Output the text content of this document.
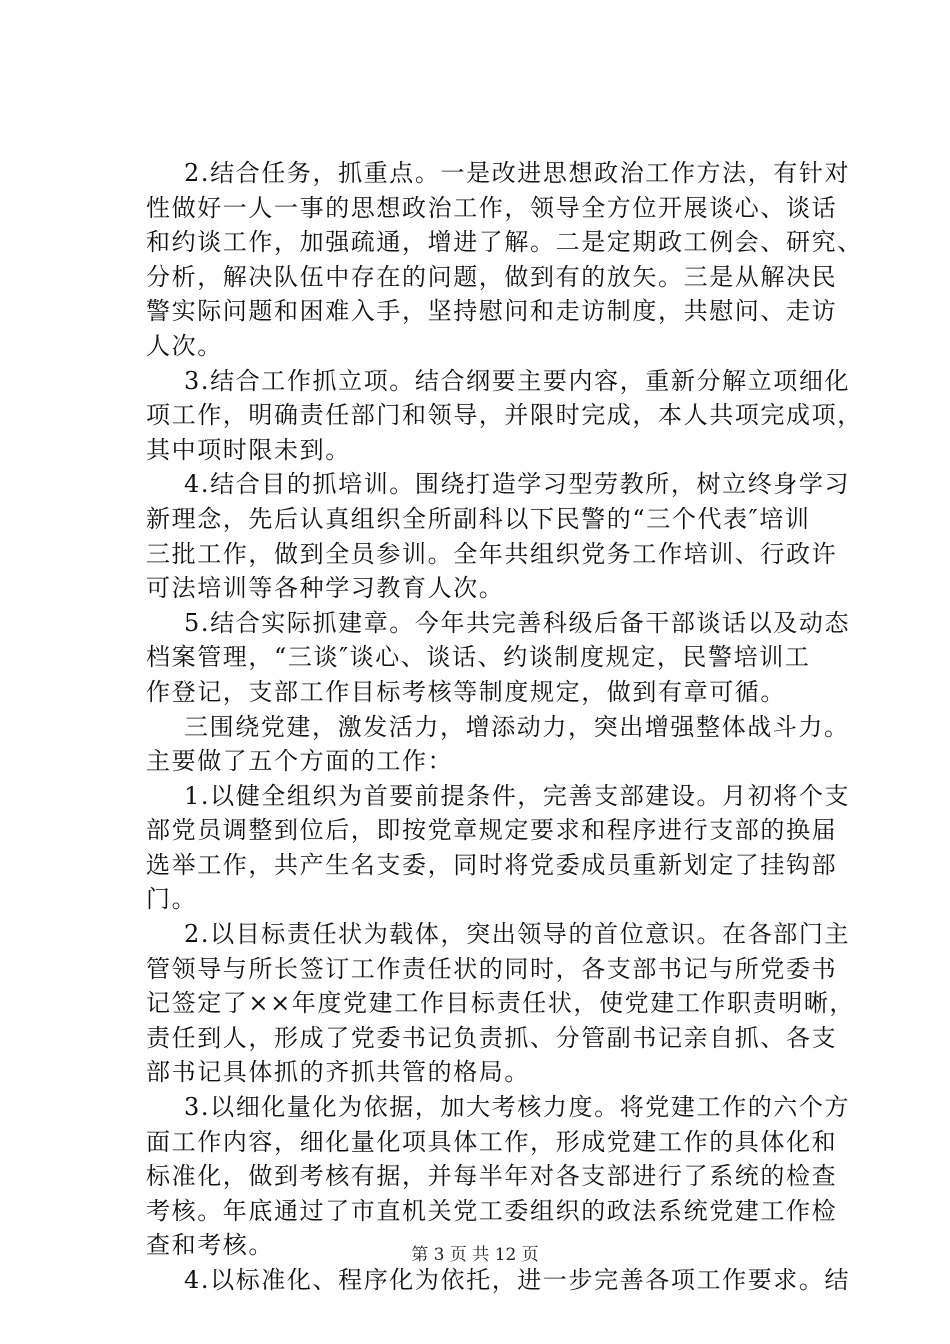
2.结合任务，抓重点。一是改进思想政治工作方法，有针对
性做好一人一事的思想政治工作，领导全方位开展谈心、谈话
和约谈工作，加强疏通，增进了解。二是定期政工例会、研究、
分析，解决队伍中存在的问题，做到有的放矢。三是从解决民
警实际问题和困难入手，坚持慰问和走访制度，共慰问、走访
人次。
3.结合工作抓立项。结合纲要主要内容，重新分解立项细化
项工作，明确责任部门和领导，并限时完成，本人共项完成项，
其中项时限未到。
4.结合目的抓培训。围绕打造学习型劳教所，树立终身学习
新理念，先后认真组织全所副科以下民警的“三个代表″培训
三批工作，做到全员参训。全年共组织党务工作培训、行政许
可法培训等各种学习教育人次。
5.结合实际抓建章。今年共完善科级后备干部谈话以及动态
档案管理，“三谈″谈心、谈话、约谈制度规定，民警培训工
作登记，支部工作目标考核等制度规定，做到有章可循。
三围绕党建，激发活力，增添动力，突出增强整体战斗力。
主要做了五个方面的工作：
1.以健全组织为首要前提条件，完善支部建设。月初将个支
部党员调整到位后，即按党章规定要求和程序进行支部的换届
选举工作，共产生名支委，同时将党委成员重新划定了挂钩部
门。
2.以目标责任状为载体，突出领导的首位意识。在各部门主
管领导与所长签订工作责任状的同时，各支部书记与所党委书
记签定了××年度党建工作目标责任状，使党建工作职责明晰，
责任到人，形成了党委书记负责抓、分管副书记亲自抓、各支
部书记具体抓的齐抓共管的格局。
3.以细化量化为依据，加大考核力度。将党建工作的六个方
面工作内容，细化量化项具体工作，形成党建工作的具体化和
标准化，做到考核有据，并每半年对各支部进行了系统的检查
考核。年底通过了市直机关党工委组织的政法系统党建工作检
查和考核。
4.以标准化、程序化为依托，进一步完善各项工作要求。结
第 3 页 共 12 页
